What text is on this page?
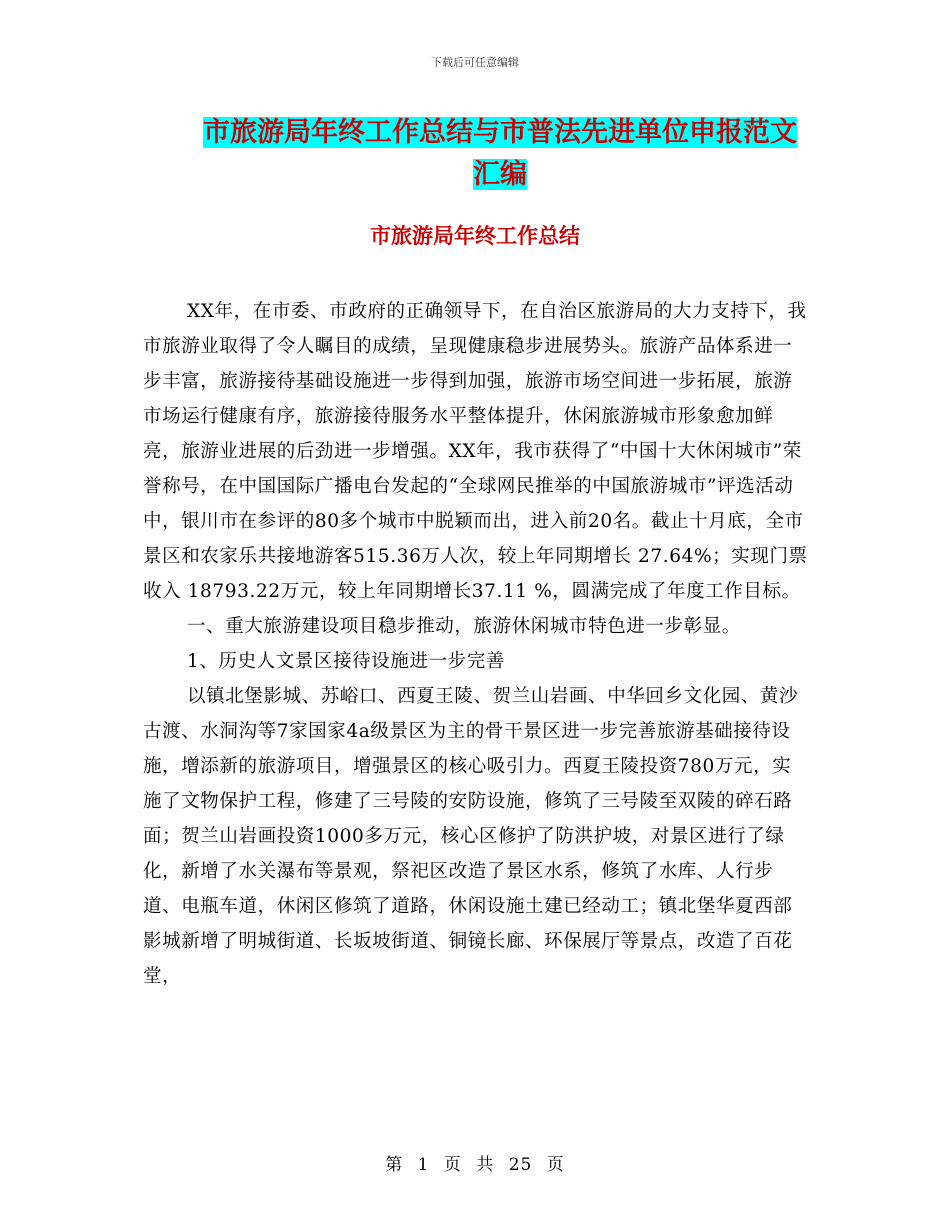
下载后可任意编辑
市旅游局年终工作总结与市普法先进单位申报范文汇编
市旅游局年终工作总结

XX年，在市委、市政府的正确领导下，在自治区旅游局的大力支持下，我市旅游业取得了令人瞩目的成绩，呈现健康稳步进展势头。旅游产品体系进一步丰富，旅游接待基础设施进一步得到加强，旅游市场空间进一步拓展，旅游市场运行健康有序，旅游接待服务水平整体提升，休闲旅游城市形象愈加鲜亮，旅游业进展的后劲进一步增强。XX年，我市获得了“中国十大休闲城市”荣誉称号，在中国国际广播电台发起的“全球网民推举的中国旅游城市”评选活动中，银川市在参评的80多个城市中脱颖而出，进入前20名。截止十月底，全市景区和农家乐共接地游客515.36万人次，较上年同期增长 27.64%；实现门票收入 18793.22万元，较上年同期增长37.11 %，圆满完成了年度工作目标。

一、重大旅游建设项目稳步推动，旅游休闲城市特色进一步彰显。

1、历史人文景区接待设施进一步完善

以镇北堡影城、苏峪口、西夏王陵、贺兰山岩画、中华回乡文化园、黄沙古渡、水洞沟等7家国家4a级景区为主的骨干景区进一步完善旅游基础接待设施，增添新的旅游项目，增强景区的核心吸引力。西夏王陵投资780万元，实施了文物保护工程，修建了三号陵的安防设施，修筑了三号陵至双陵的碎石路面；贺兰山岩画投资1000多万元，核心区修护了防洪护坡，对景区进行了绿化，新增了水关瀑布等景观，祭祀区改造了景区水系，修筑了水库、人行步道、电瓶车道，休闲区修筑了道路，休闲设施土建已经动工；镇北堡华夏西部影城新增了明城街道、长坂坡街道、铜镜长廊、环保展厅等景点，改造了百花堂，

第 1 页 共 25 页
